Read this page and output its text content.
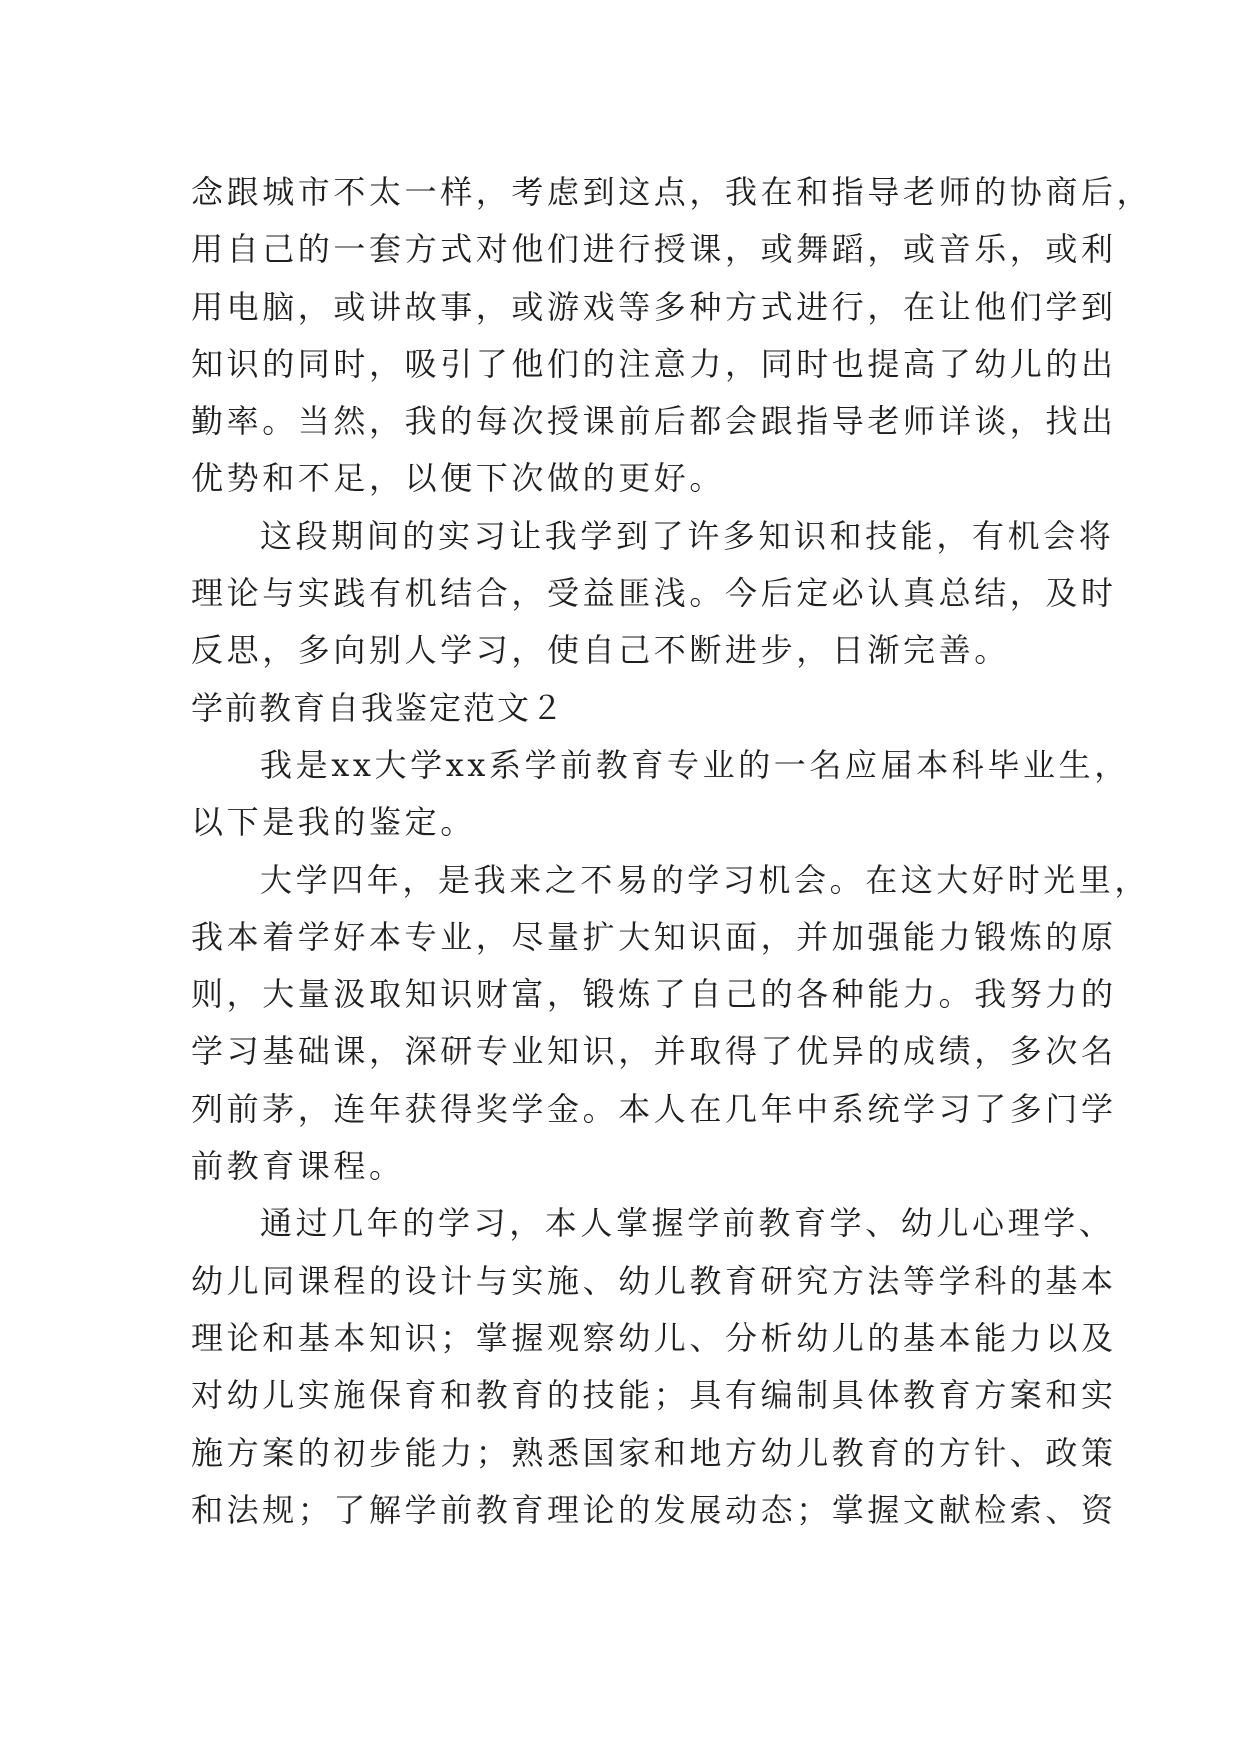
念跟城市不太一样，考虑到这点，我在和指导老师的协商后，
用自己的一套方式对他们进行授课，或舞蹈，或音乐，或利
用电脑，或讲故事，或游戏等多种方式进行，在让他们学到
知识的同时，吸引了他们的注意力，同时也提高了幼儿的出
勤率。当然，我的每次授课前后都会跟指导老师详谈，找出
优势和不足，以便下次做的更好。
这段期间的实习让我学到了许多知识和技能，有机会将
理论与实践有机结合，受益匪浅。今后定必认真总结，及时
反思，多向别人学习，使自己不断进步，日渐完善。
学前教育自我鉴定范文２
我是xx大学xx系学前教育专业的一名应届本科毕业生，
以下是我的鉴定。
大学四年，是我来之不易的学习机会。在这大好时光里，
我本着学好本专业，尽量扩大知识面，并加强能力锻炼的原
则，大量汲取知识财富，锻炼了自己的各种能力。我努力的
学习基础课，深研专业知识，并取得了优异的成绩，多次名
列前茅，连年获得奖学金。本人在几年中系统学习了多门学
前教育课程。
通过几年的学习，本人掌握学前教育学、幼儿心理学、
幼儿同课程的设计与实施、幼儿教育研究方法等学科的基本
理论和基本知识；掌握观察幼儿、分析幼儿的基本能力以及
对幼儿实施保育和教育的技能；具有编制具体教育方案和实
施方案的初步能力；熟悉国家和地方幼儿教育的方针、政策
和法规；了解学前教育理论的发展动态；掌握文献检索、资
